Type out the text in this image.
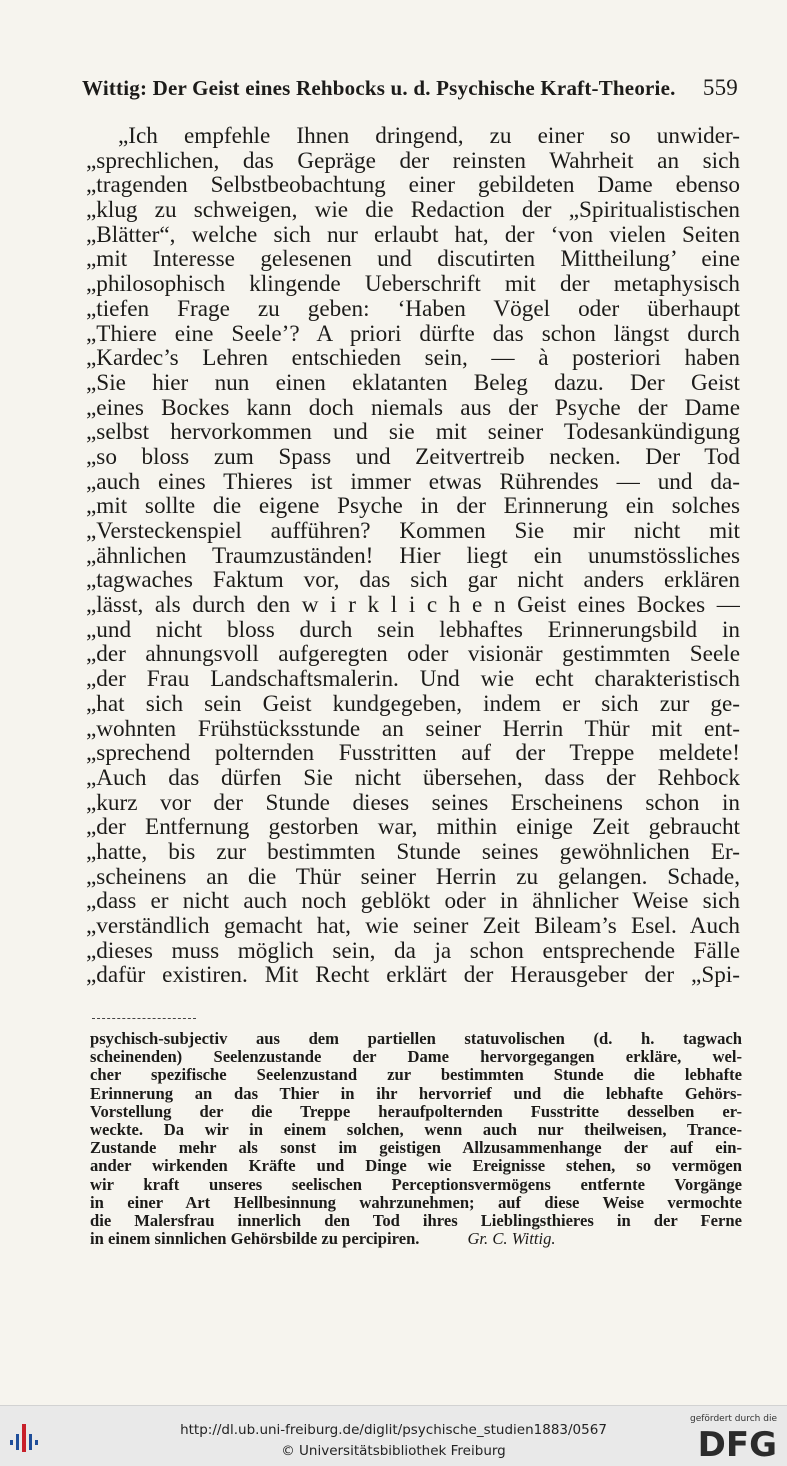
Wittig: Der Geist eines Rehbocks u. d. Psychische Kraft-Theorie. 559
„Ich empfehle Ihnen dringend, zu einer so unwider-
„sprechlichen, das Gepräge der reinsten Wahrheit an sich
„tragenden Selbstbeobachtung einer gebildeten Dame ebenso
„klug zu schweigen, wie die Redaction der „Spiritualistischen
„Blätter“, welche sich nur erlaubt hat, der ‘von vielen Seiten
„mit Interesse gelesenen und discutirten Mittheilung’ eine
„philosophisch klingende Ueberschrift mit der metaphysisch
„tiefen Frage zu geben: ‘Haben Vögel oder überhaupt
„Thiere eine Seele’? A priori dürfte das schon längst durch
„Kardec’s Lehren entschieden sein, — à posteriori haben
„Sie hier nun einen eklatanten Beleg dazu. Der Geist
„eines Bockes kann doch niemals aus der Psyche der Dame
„selbst hervorkommen und sie mit seiner Todesankündigung
„so bloss zum Spass und Zeitvertreib necken. Der Tod
„auch eines Thieres ist immer etwas Rührendes — und da-
„mit sollte die eigene Psyche in der Erinnerung ein solches
„Versteckenspiel aufführen? Kommen Sie mir nicht mit
„ähnlichen Traumzuständen! Hier liegt ein unumstössliches
„tagwaches Faktum vor, das sich gar nicht anders erklären
„lässt, als durch den w i r k l i c h e n Geist eines Bockes —
„und nicht bloss durch sein lebhaftes Erinnerungsbild in
„der ahnungsvoll aufgeregten oder visionär gestimmten Seele
„der Frau Landschaftsmalerin. Und wie echt charakteristisch
„hat sich sein Geist kundgegeben, indem er sich zur ge-
„wohnten Frühstücksstunde an seiner Herrin Thür mit ent-
„sprechend polternden Fusstritten auf der Treppe meldete!
„Auch das dürfen Sie nicht übersehen, dass der Rehbock
„kurz vor der Stunde dieses seines Erscheinens schon in
„der Entfernung gestorben war, mithin einige Zeit gebraucht
„hatte, bis zur bestimmten Stunde seines gewöhnlichen Er-
„scheinens an die Thür seiner Herrin zu gelangen. Schade,
„dass er nicht auch noch geblökt oder in ähnlicher Weise sich
„verständlich gemacht hat, wie seiner Zeit Bileam’s Esel. Auch
„dieses muss möglich sein, da ja schon entsprechende Fälle
„dafür existiren. Mit Recht erklärt der Herausgeber der „Spi-
psychisch-subjectiv aus dem partiellen statuvolischen (d. h. tagwach
scheinenden) Seelenzustande der Dame hervorgegangen erkläre, wel-
cher spezifische Seelenzustand zur bestimmten Stunde die lebhafte
Erinnerung an das Thier in ihr hervorrief und die lebhafte Gehörs-
Vorstellung der die Treppe heraufpolternden Fusstritte desselben er-
weckte. Da wir in einem solchen, wenn auch nur theilweisen, Trance-
Zustande mehr als sonst im geistigen Allzusammenhange der auf ein-
ander wirkenden Kräfte und Dinge wie Ereignisse stehen, so vermögen
wir kraft unseres seelischen Perceptionsvermögens entfernte Vorgänge
in einer Art Hellbesinnung wahrzunehmen; auf diese Weise vermochte
die Malersfrau innerlich den Tod ihres Lieblingsthieres in der Ferne
in einem sinnlichen Gehörsbilde zu percipiren.	Gr. C. Wittig.
http://dl.ub.uni-freiburg.de/diglit/psychische_studien1883/0567
© Universitätsbibliothek Freiburg
gefördert durch die
DFG
